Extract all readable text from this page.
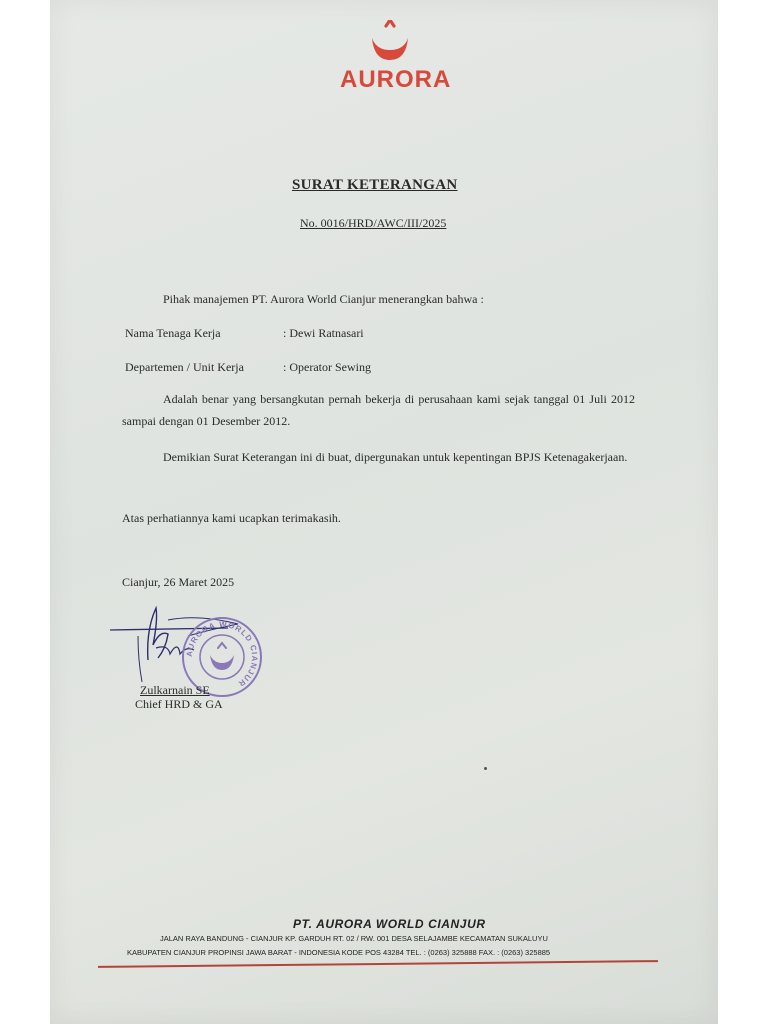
AURORA
SURAT KETERANGAN
No. 0016/HRD/AWC/III/2025
Pihak manajemen PT. Aurora World Cianjur menerangkan bahwa :
Nama Tenaga Kerja	: Dewi Ratnasari
Departemen / Unit Kerja	: Operator Sewing
Adalah benar yang bersangkutan pernah bekerja di perusahaan kami sejak tanggal 01 Juli 2012 sampai dengan 01 Desember 2012.
Demikian Surat Keterangan ini di buat, dipergunakan untuk kepentingan BPJS Ketenagakerjaan.
Atas perhatiannya kami ucapkan terimakasih.
Cianjur, 26 Maret 2025
AURORA WORLD CIANJUR
Zulkarnain SE
Chief HRD & GA
PT. AURORA WORLD CIANJUR
JALAN RAYA BANDUNG - CIANJUR KP. GARDUH RT. 02 / RW. 001 DESA SELAJAMBE KECAMATAN SUKALUYU
KABUPATEN CIANJUR PROPINSI JAWA BARAT - INDONESIA KODE POS 43284 TEL. : (0263) 325888 FAX. : (0263) 325885
